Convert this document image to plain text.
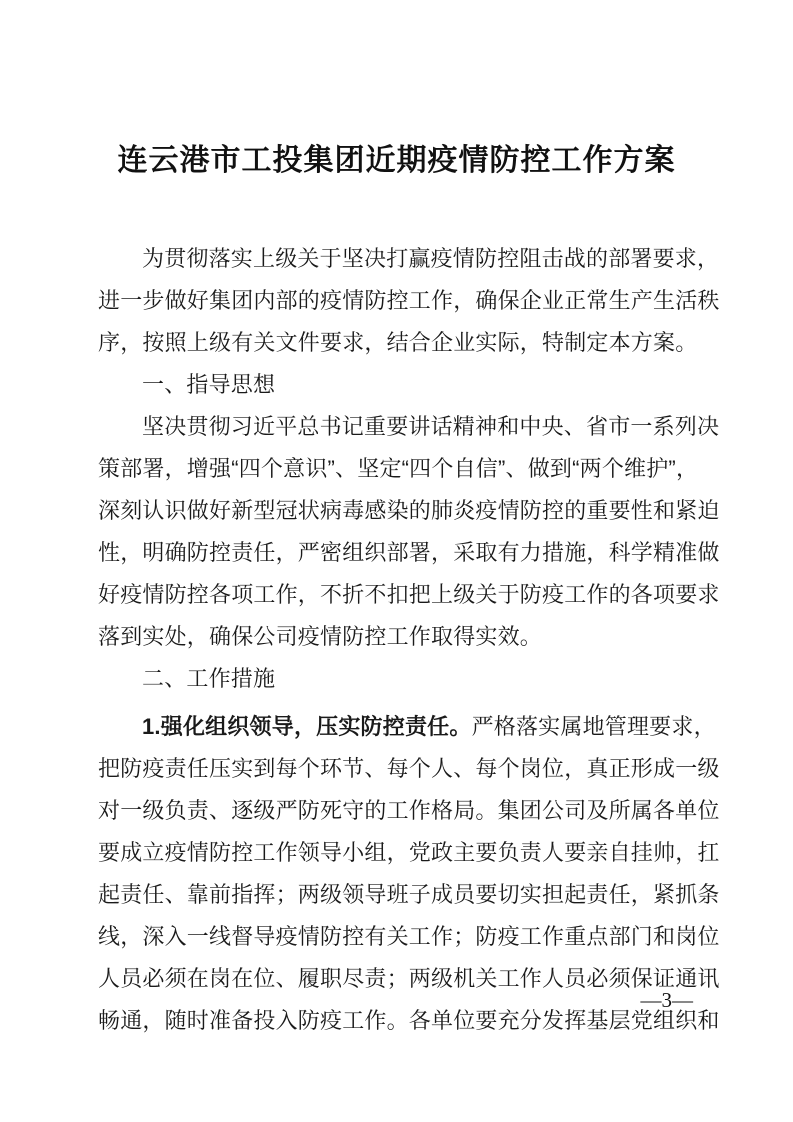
连云港市工投集团近期疫情防控工作方案
为贯彻落实上级关于坚决打赢疫情防控阻击战的部署要求，
进一步做好集团内部的疫情防控工作，确保企业正常生产生活秩
序，按照上级有关文件要求，结合企业实际，特制定本方案。
一、指导思想
坚决贯彻习近平总书记重要讲话精神和中央、省市一系列决
策部署，增强“四个意识”、坚定“四个自信”、做到“两个维护”，
深刻认识做好新型冠状病毒感染的肺炎疫情防控的重要性和紧迫
性，明确防控责任，严密组织部署，采取有力措施，科学精准做
好疫情防控各项工作，不折不扣把上级关于防疫工作的各项要求
落到实处，确保公司疫情防控工作取得实效。
二、工作措施
1.强化组织领导，压实防控责任。严格落实属地管理要求，
把防疫责任压实到每个环节、每个人、每个岗位，真正形成一级
对一级负责、逐级严防死守的工作格局。集团公司及所属各单位
要成立疫情防控工作领导小组，党政主要负责人要亲自挂帅，扛
起责任、靠前指挥；两级领导班子成员要切实担起责任，紧抓条
线，深入一线督导疫情防控有关工作；防疫工作重点部门和岗位
人员必须在岗在位、履职尽责；两级机关工作人员必须保证通讯
畅通，随时准备投入防疫工作。各单位要充分发挥基层党组织和
—3—
